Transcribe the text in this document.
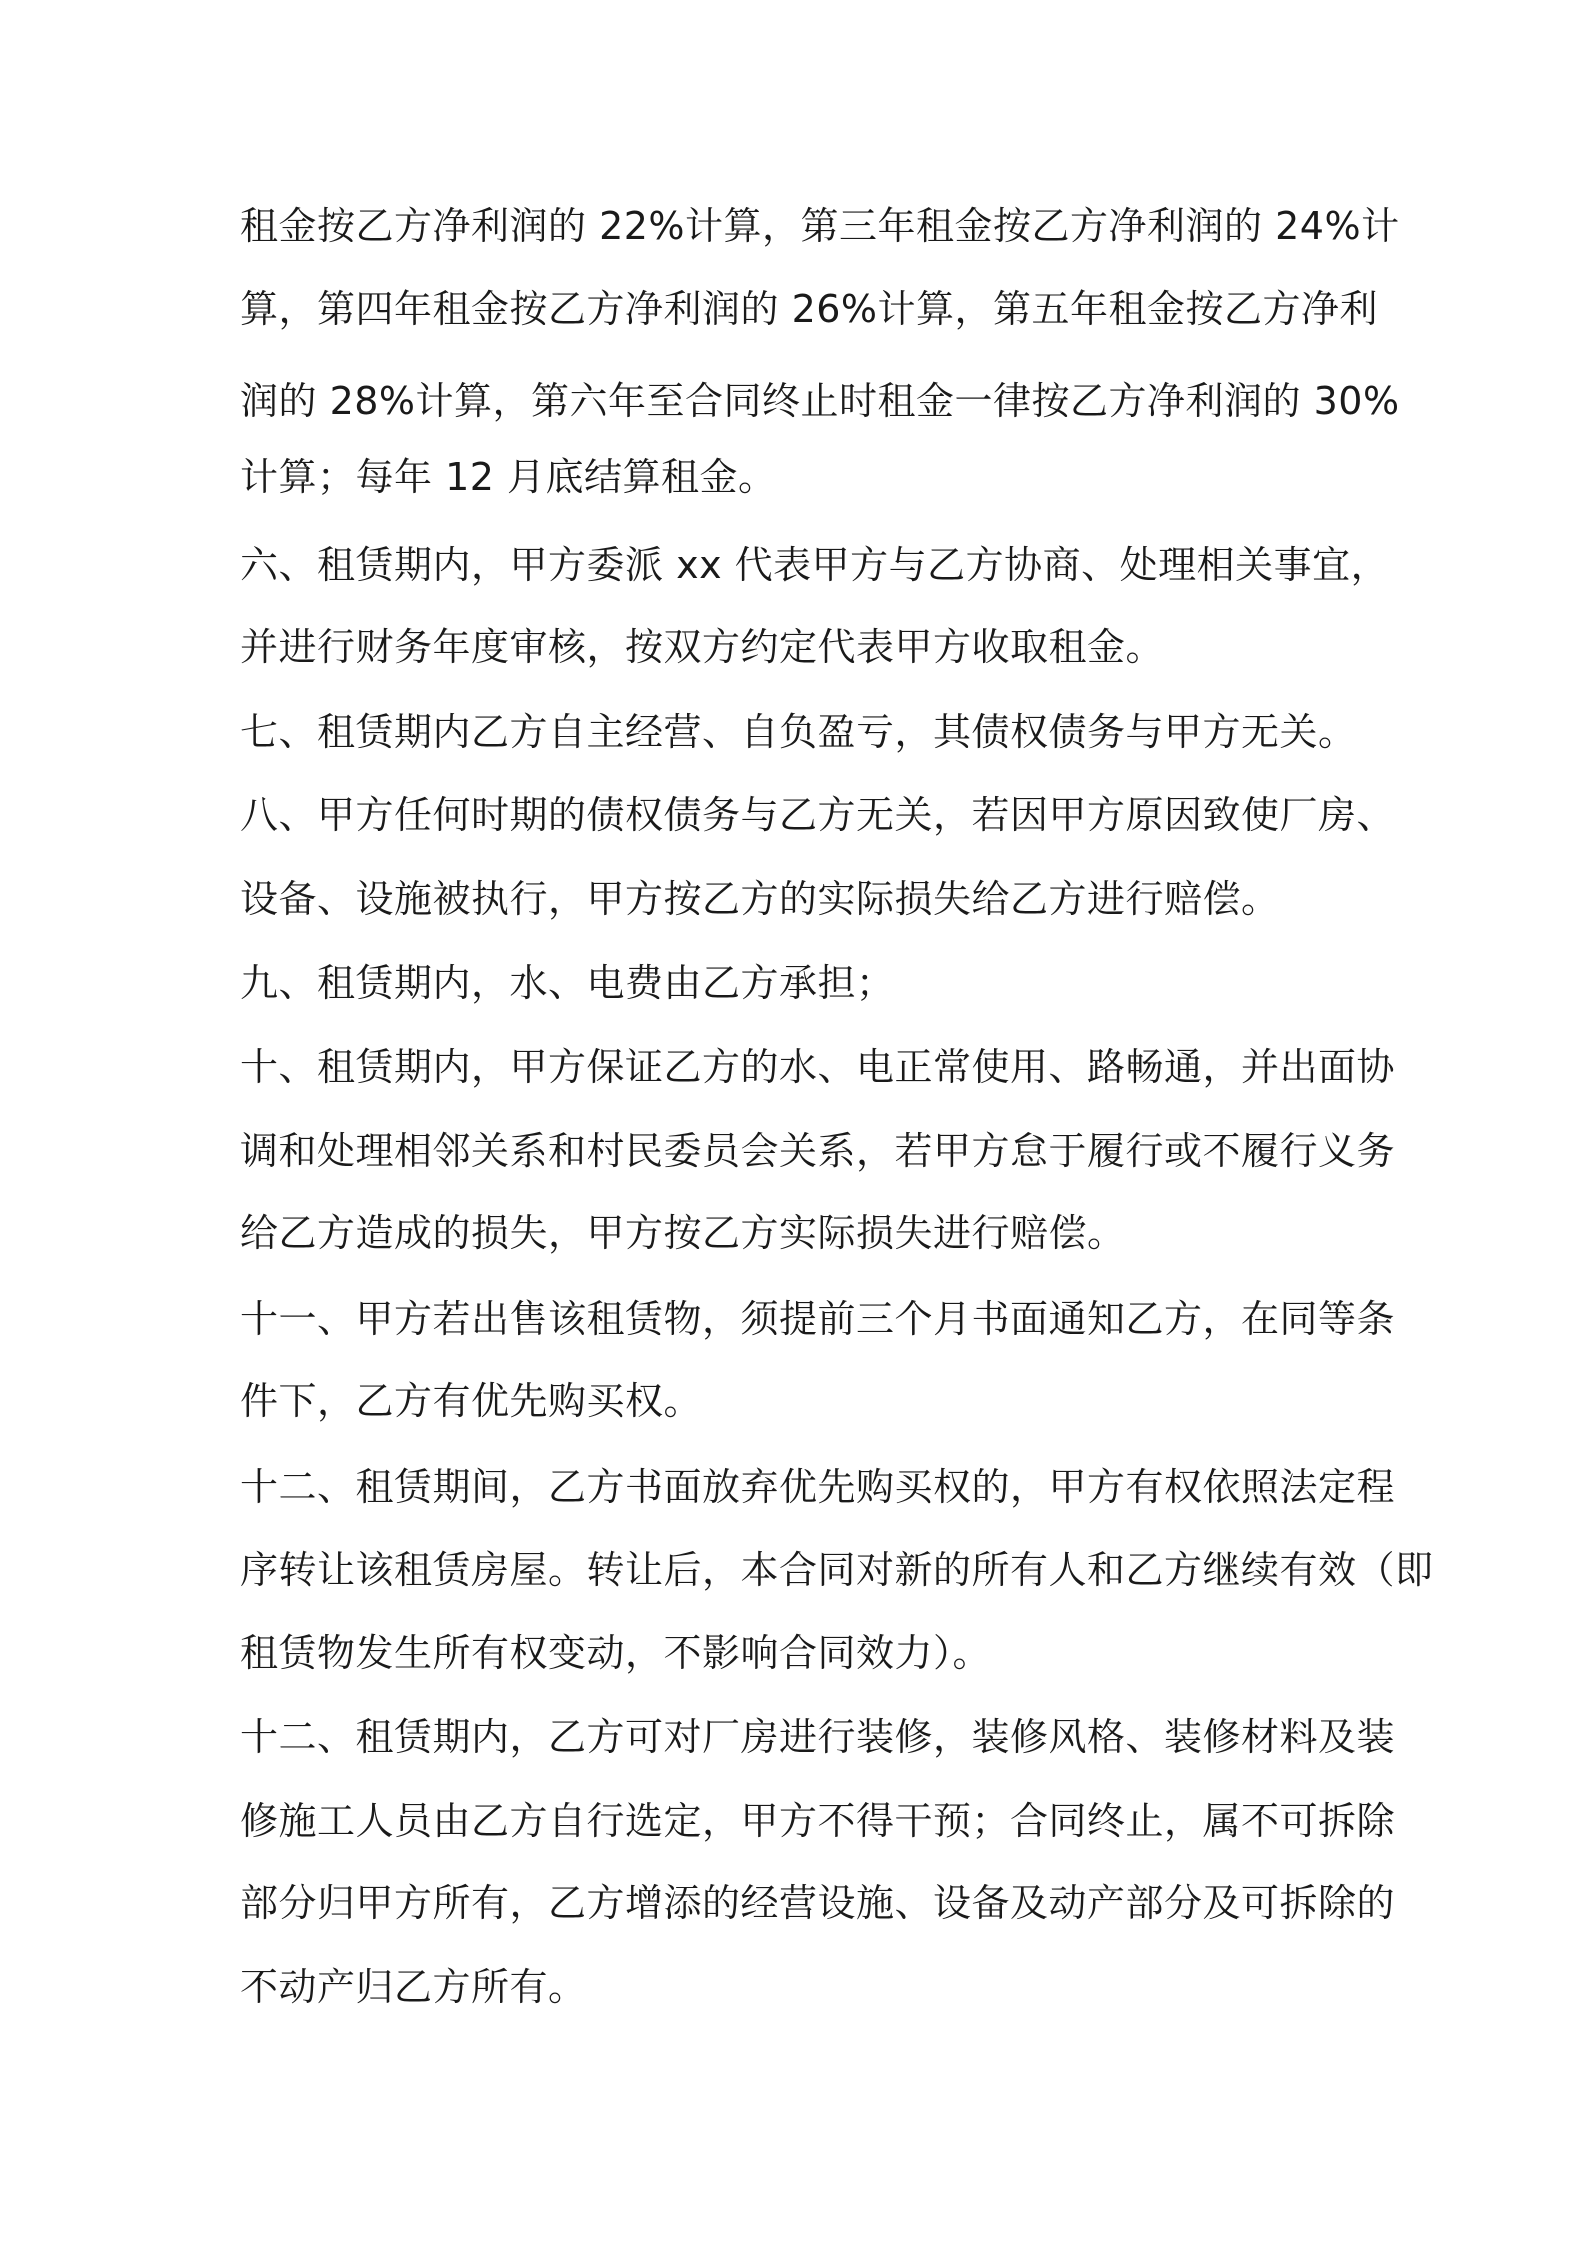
租金按乙方净利润的 22%计算，第三年租金按乙方净利润的 24%计
算，第四年租金按乙方净利润的 26%计算，第五年租金按乙方净利
润的 28%计算，第六年至合同终止时租金一律按乙方净利润的 30%
计算；每年 12 月底结算租金。
六、租赁期内，甲方委派 xx 代表甲方与乙方协商、处理相关事宜，
并进行财务年度审核，按双方约定代表甲方收取租金。
七、租赁期内乙方自主经营、自负盈亏，其债权债务与甲方无关。
八、甲方任何时期的债权债务与乙方无关，若因甲方原因致使厂房、
设备、设施被执行，甲方按乙方的实际损失给乙方进行赔偿。
九、租赁期内，水、电费由乙方承担；
十、租赁期内，甲方保证乙方的水、电正常使用、路畅通，并出面协
调和处理相邻关系和村民委员会关系，若甲方怠于履行或不履行义务
给乙方造成的损失，甲方按乙方实际损失进行赔偿。
十一、甲方若出售该租赁物，须提前三个月书面通知乙方，在同等条
件下，乙方有优先购买权。
十二、租赁期间，乙方书面放弃优先购买权的，甲方有权依照法定程
序转让该租赁房屋。转让后，本合同对新的所有人和乙方继续有效（即
租赁物发生所有权变动，不影响合同效力）。
十二、租赁期内，乙方可对厂房进行装修，装修风格、装修材料及装
修施工人员由乙方自行选定，甲方不得干预；合同终止，属不可拆除
部分归甲方所有，乙方增添的经营设施、设备及动产部分及可拆除的
不动产归乙方所有。
